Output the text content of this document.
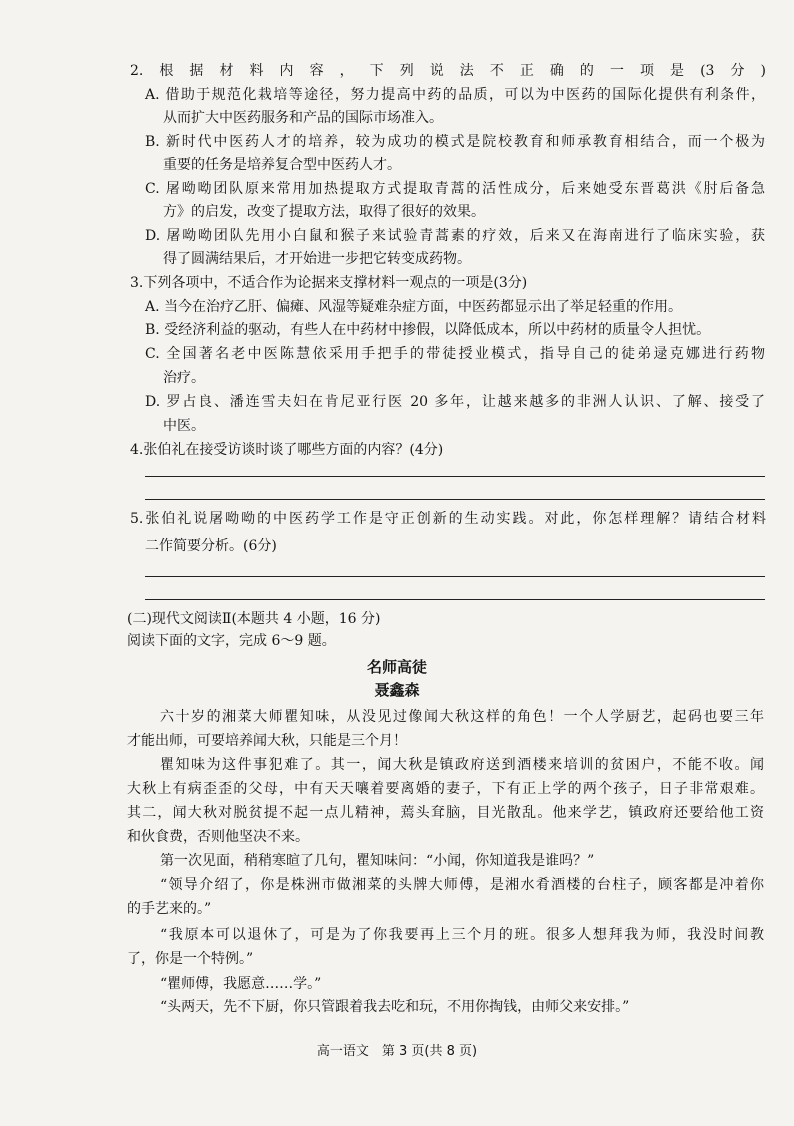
2.根据材料内容，下列说法不正确的一项是(3分)
A. 借助于规范化栽培等途径，努力提高中药的品质，可以为中医药的国际化提供有利条件，
从而扩大中医药服务和产品的国际市场准入。
B. 新时代中医药人才的培养，较为成功的模式是院校教育和师承教育相结合，而一个极为
重要的任务是培养复合型中医药人才。
C. 屠呦呦团队原来常用加热提取方式提取青蒿的活性成分，后来她受东晋葛洪《肘后备急
方》的启发，改变了提取方法，取得了很好的效果。
D. 屠呦呦团队先用小白鼠和猴子来试验青蒿素的疗效，后来又在海南进行了临床实验，获
得了圆满结果后，才开始进一步把它转变成药物。
3.下列各项中，不适合作为论据来支撑材料一观点的一项是(3分)
A. 当今在治疗乙肝、偏瘫、风湿等疑难杂症方面，中医药都显示出了举足轻重的作用。
B. 受经济利益的驱动，有些人在中药材中掺假，以降低成本，所以中药材的质量令人担忧。
C. 全国著名老中医陈慧依采用手把手的带徒授业模式，指导自己的徒弟逯克娜进行药物
治疗。
D. 罗占良、潘连雪夫妇在肯尼亚行医 20 多年，让越来越多的非洲人认识、了解、接受了
中医。
4.张伯礼在接受访谈时谈了哪些方面的内容？(4分)
5.张伯礼说屠呦呦的中医药学工作是守正创新的生动实践。对此，你怎样理解？请结合材料
二作简要分析。(6分)
(二)现代文阅读Ⅱ(本题共 4 小题，16 分)
阅读下面的文字，完成 6～9 题。
名师高徒
聂鑫森
六十岁的湘菜大师瞿知味，从没见过像闻大秋这样的角色！一个人学厨艺，起码也要三年
才能出师，可要培养闻大秋，只能是三个月！
瞿知味为这件事犯难了。其一，闻大秋是镇政府送到酒楼来培训的贫困户，不能不收。闻
大秋上有病歪歪的父母，中有天天嚷着要离婚的妻子，下有正上学的两个孩子，日子非常艰难。
其二，闻大秋对脱贫提不起一点儿精神，蔫头耷脑，目光散乱。他来学艺，镇政府还要给他工资
和伙食费，否则他坚决不来。
第一次见面，稍稍寒暄了几句，瞿知味问：“小闻，你知道我是谁吗？”
“领导介绍了，你是株洲市做湘菜的头牌大师傅，是湘水肴酒楼的台柱子，顾客都是冲着你
的手艺来的。”
“我原本可以退休了，可是为了你我要再上三个月的班。很多人想拜我为师，我没时间教
了，你是一个特例。”
“瞿师傅，我愿意……学。”
“头两天，先不下厨，你只管跟着我去吃和玩，不用你掏钱，由师父来安排。”
高一语文　第 3 页(共 8 页)
